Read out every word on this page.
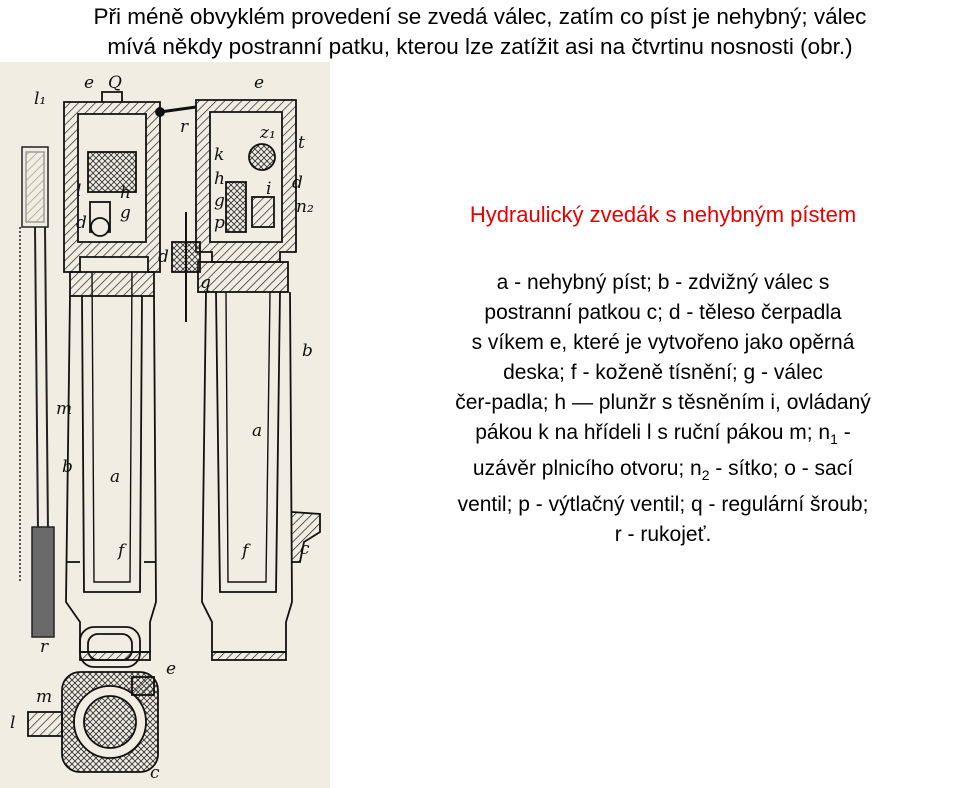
Při méně obvyklém provedení se zvedá válec, zatím co píst je nehybný; válec
mívá někdy postranní patku, kterou lze zatížit asi na čtvrtinu nosnosti (obr.)
e Q
l₁
l h
d g
e
r	z₁ t
k
h i
g
d
n₂
p
d
q
b
m
b a
a
f	f	c
r
e
m
l
c
Hydraulický zvedák s nehybným pístem
a - nehybný píst; b - zdvižný válec s
postranní patkou c; d - těleso čerpadla
s víkem e, které je vytvořeno jako opěrná
deska; f - koženě tísnění; g - válec
čer-padla; h — plunžr s těsněním i, ovládaný
pákou k na hřídeli l s ruční pákou m; $n_1$ -
uzávěr plnicího otvoru; $n_2$ - sítko; o - sací
ventil; p - výtlačný ventil; q - regulární šroub;
r - rukojeť.
